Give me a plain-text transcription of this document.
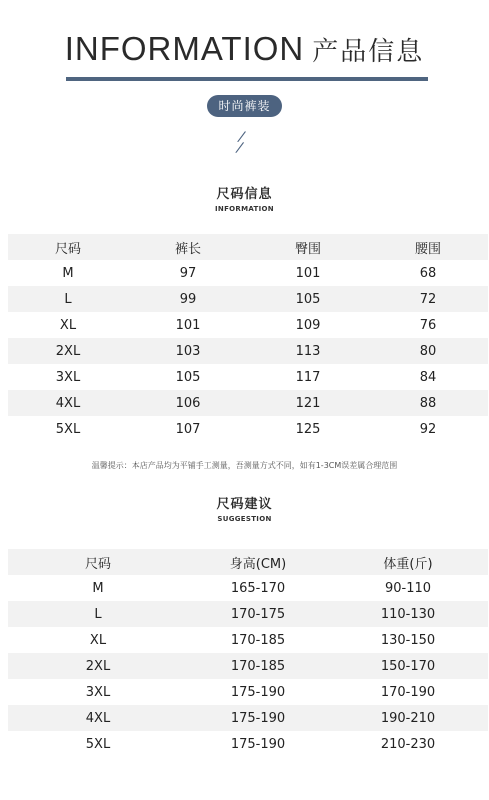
INFORMATION 产品信息
时尚裤装
/
/
尺码信息
INFORMATION
尺码	裤长	臀围	腰围
M	97	101	68
L	99	105	72
XL	101	109	76
2XL	103	113	80
3XL	105	117	84
4XL	106	121	88
5XL	107	125	92
温馨提示：本店产品均为平铺手工测量，吾测量方式不同，如有1-3CM误差属合理范围
尺码建议
SUGGESTION
尺码	身高(CM)	体重(斤)
M	165-170	90-110
L	170-175	110-130
XL	170-185	130-150
2XL	170-185	150-170
3XL	175-190	170-190
4XL	175-190	190-210
5XL	175-190	210-230
